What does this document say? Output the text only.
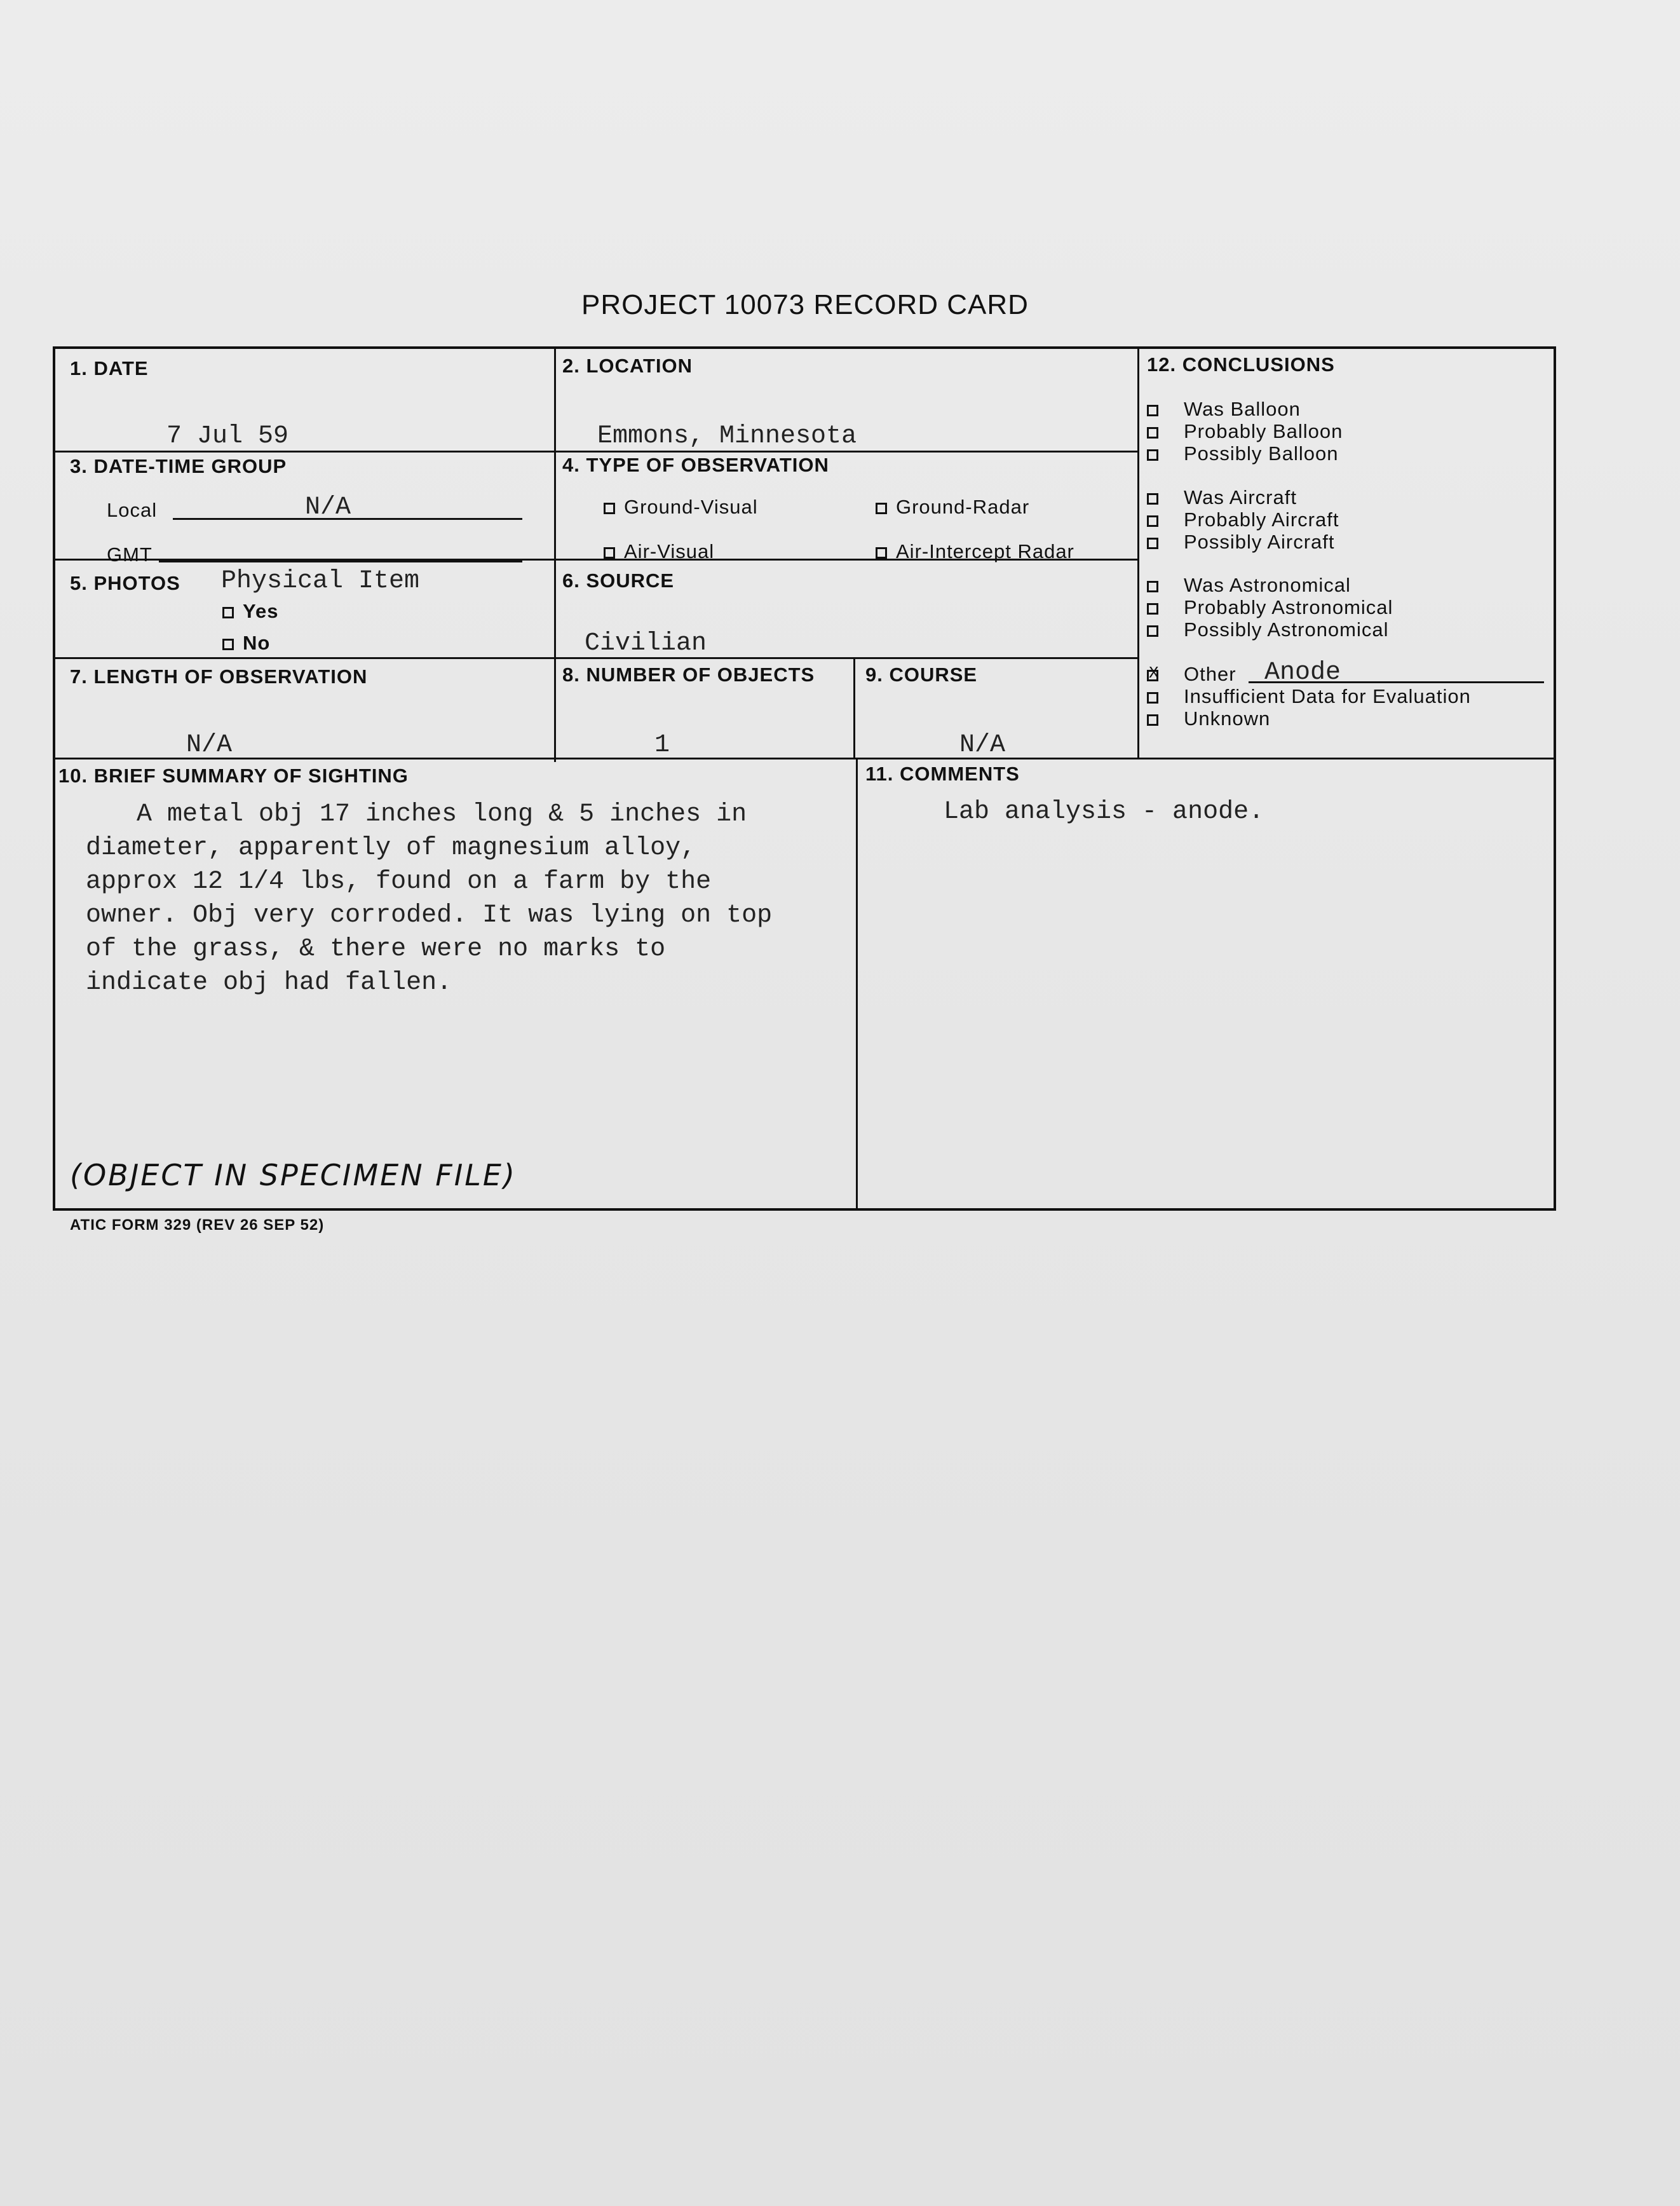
PROJECT 10073 RECORD CARD
1. DATE
7 Jul 59
2. LOCATION
Emmons, Minnesota
3. DATE-TIME GROUP
Local	N/A
GMT
4. TYPE OF OBSERVATION
Ground-Visual	Ground-Radar
Air-Visual	Air-Intercept Radar
5. PHOTOS Physical Item
Yes
No
6. SOURCE
Civilian
7. LENGTH OF OBSERVATION
N/A
8. NUMBER OF OBJECTS
1
9. COURSE
N/A
10. BRIEF SUMMARY OF SIGHTING
A metal obj 17 inches long & 5 inches in
diameter, apparently of magnesium alloy,
approx 12 1/4 lbs, found on a farm by the
owner. Obj very corroded. It was lying on top
of the grass, & there were no marks to
indicate obj had fallen.
(OBJECT IN SPECIMEN FILE)
11. COMMENTS
Lab analysis - anode.
12. CONCLUSIONS
Was Balloon
Probably Balloon
Possibly Balloon
Was Aircraft
Probably Aircraft
Possibly Aircraft
Was Astronomical
Probably Astronomical
Possibly Astronomical
Other
X	Anode
Insufficient Data for Evaluation
Unknown
ATIC FORM 329 (REV 26 SEP 52)
